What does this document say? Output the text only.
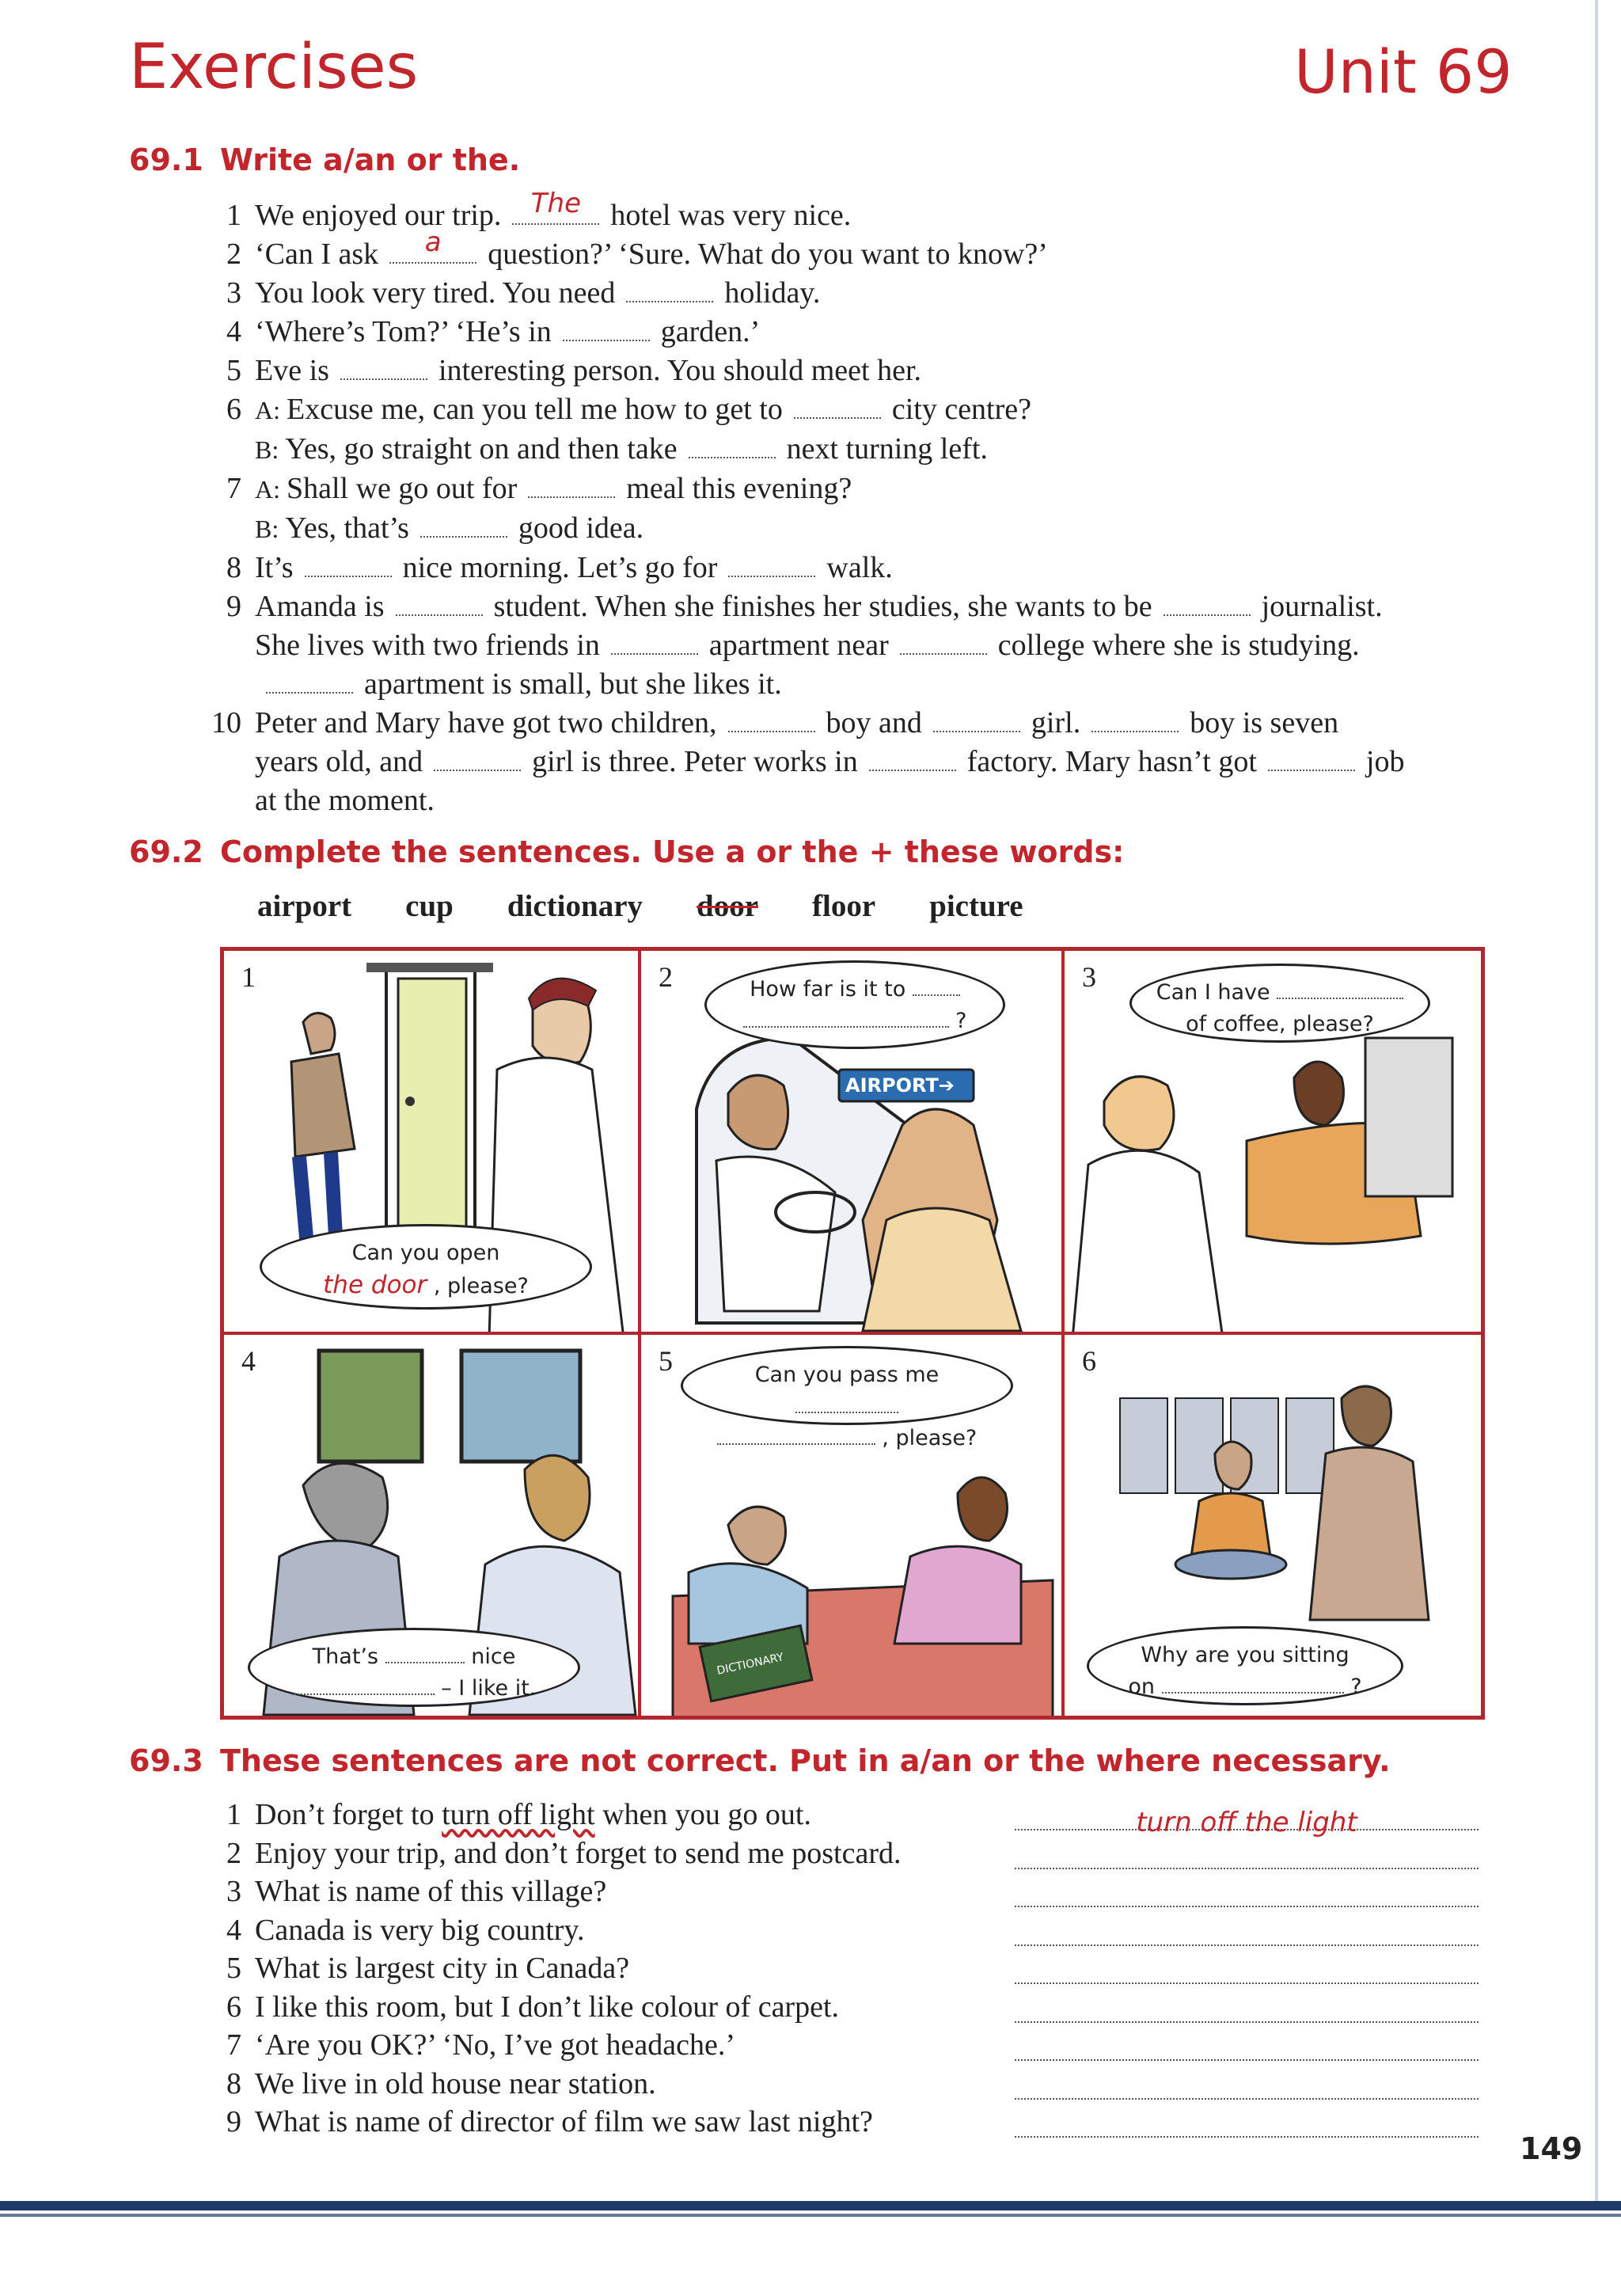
Exercises	Unit 69
69.1 Write a/an or the.
1 We enjoyed our trip.	The hotel was very nice.
2 ‘Can I ask	a	question?’ ‘Sure. What do you want to know?’
3 You look very tired. You need	holiday.
4 ‘Where’s Tom?’ ‘He’s in	garden.’
5 Eve is	interesting person. You should meet her.
6 A: Excuse me, can you tell me how to get to	city centre?
B: Yes, go straight on and then take	next turning left.
7 A: Shall we go out for	meal this evening?
B: Yes, that’s	good idea.
8 It’s	nice morning. Let’s go for	walk.
9 Amanda is	student. When she finishes her studies, she wants to be	journalist.
She lives with two friends in	apartment near	college where she is studying.
apartment is small, but she likes it.
10 Peter and Mary have got two children,	boy and	girl.	boy is seven
years old, and	girl is three. Peter works in	factory. Mary hasn’t got	job
at the moment.
69.2 Complete the sentences. Use a or the + these words:
airport cup dictionary door floor picture
1
Can you open
the door , please?
2
AIRPORT➔
How far is it to
?
3	Can I have
of coffee, please?
4
That’s	nice
– I like it.
5
DICTIONARY
Can you pass me
, please?
6
Why are you sitting
on	?
69.3 These sentences are not correct. Put in a/an or the where necessary.
1 Don’t forget to turn off light when you go out.	turn off the light
2 Enjoy your trip, and don’t forget to send me postcard.
3 What is name of this village?
4 Canada is very big country.
5 What is largest city in Canada?
6 I like this room, but I don’t like colour of carpet.
7 ‘Are you OK?’ ‘No, I’ve got headache.’
8 We live in old house near station.
9 What is name of director of film we saw last night?
149
